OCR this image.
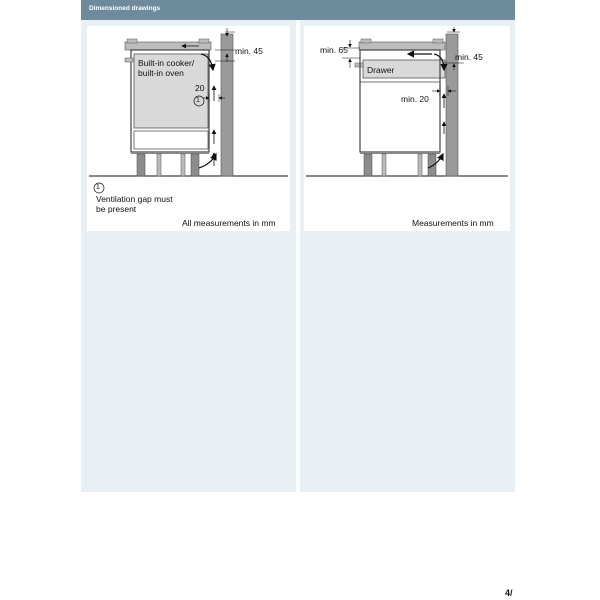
Dimensioned drawings
Built-in cooker/
built-in oven
min. 45
20
1
1
Ventilation gap must
be present
All measurements in mm
Drawer
min. 65
min. 45
min. 20
Measurements in mm
4/
